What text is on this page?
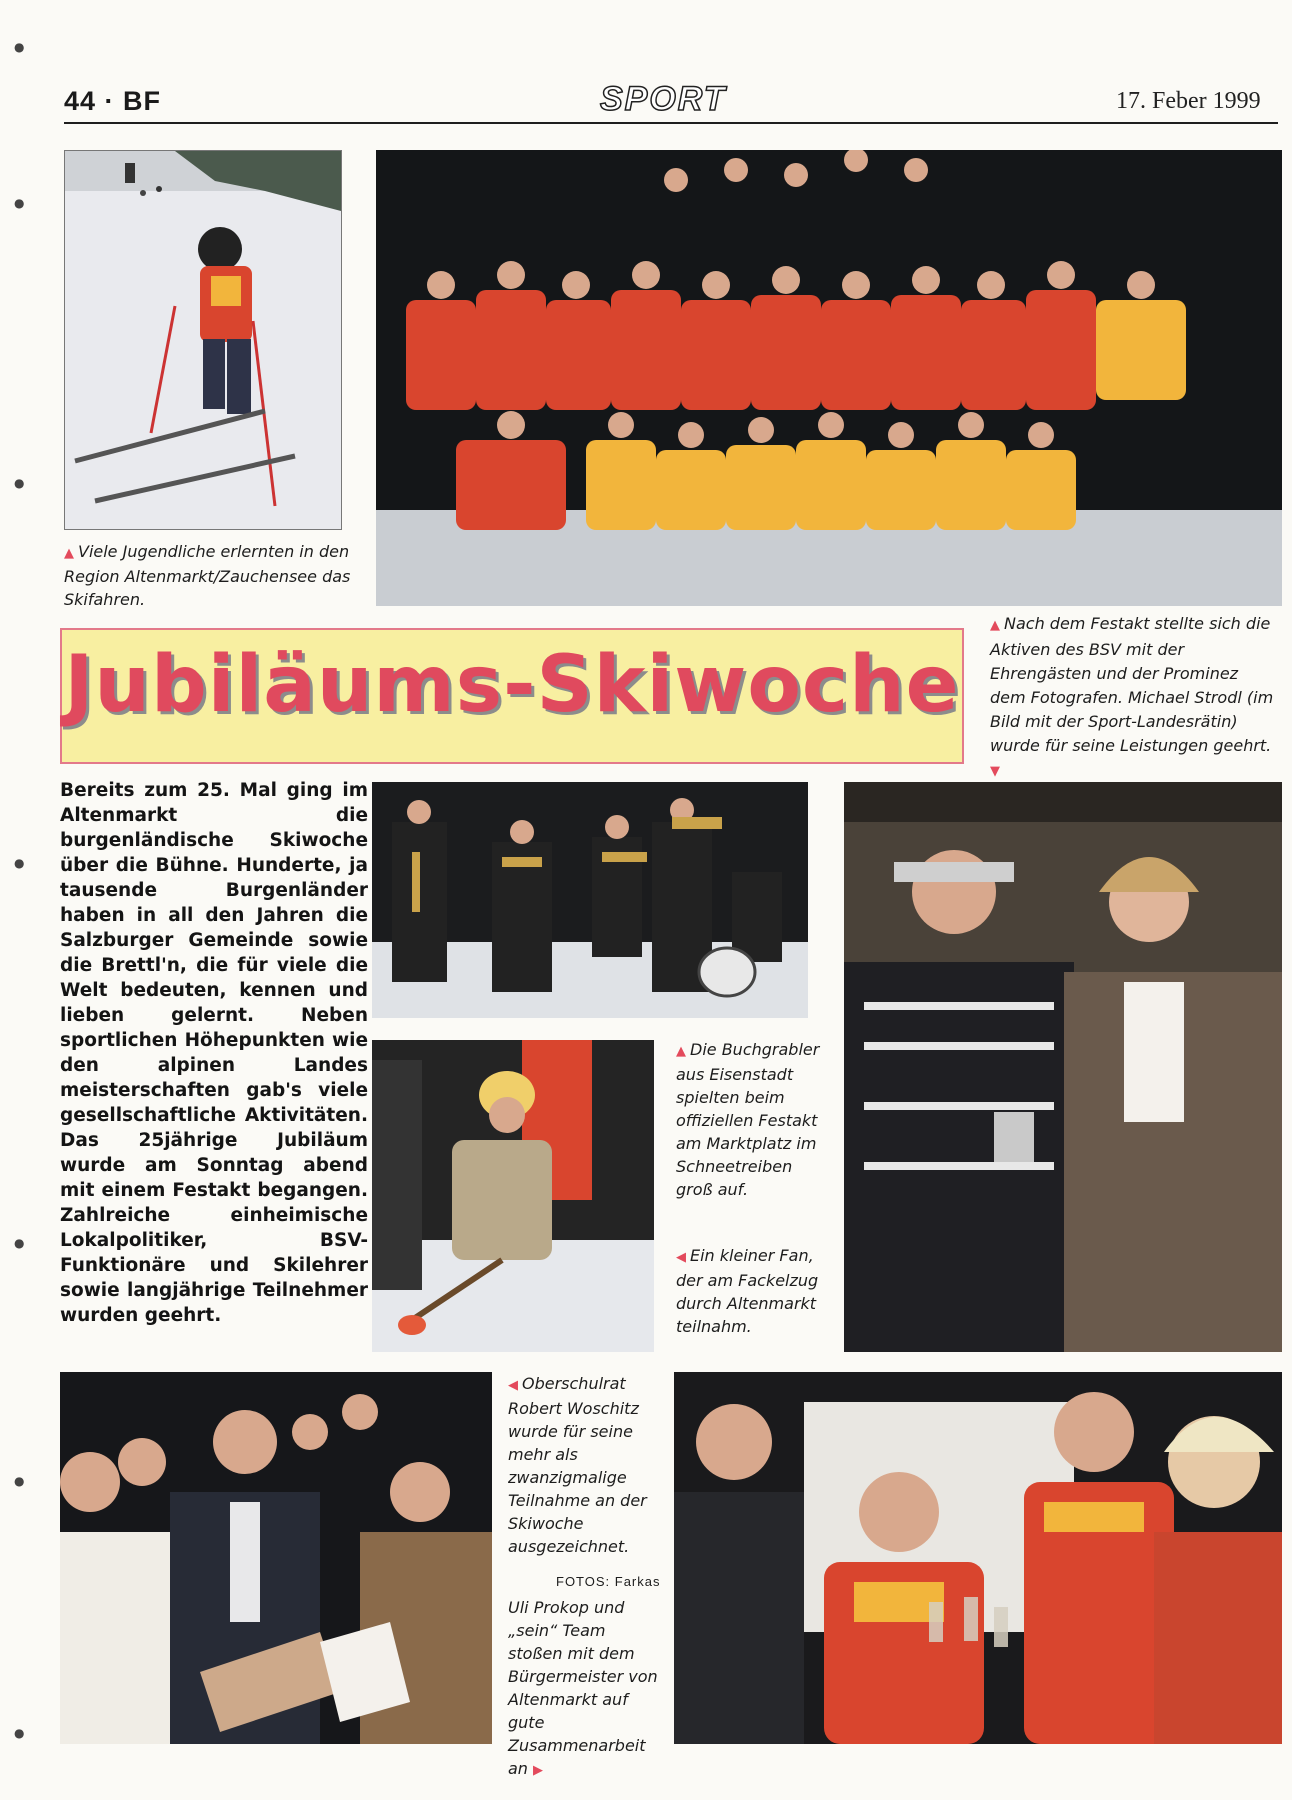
44 · BF	SPORT	17. Feber 1999
●
●
●
●
●
●
●
▲ Viele Jugendliche erlernten in den Region Altenmarkt/Zauchensee das Skifahren.
Jubiläums-Skiwoche
▲ Nach dem Festakt stellte sich die Aktiven des BSV mit der Ehrengästen und der Prominez dem Fotografen. Michael Strodl (im Bild mit der Sport-Landesrätin) wurde für seine Leistungen geehrt. ▼
Bereits zum 25. Mal ging im Altenmarkt die burgenländische Skiwoche über die Bühne. Hunderte, ja tausende Burgenländer haben in all den Jahren die Salzburger Gemeinde sowie die Brettl'n, die für viele die Welt bedeuten, kennen und lieben gelernt. Neben sportlichen Höhepunkten wie den alpinen Landes meisterschaften gab's viele gesellschaftliche Aktivitäten. Das 25jährige Jubiläum wurde am Sonntag abend mit einem Festakt begangen. Zahlreiche einheimische Lokalpolitiker, BSV-Funktionäre und Skilehrer sowie langjährige Teilnehmer wurden geehrt.
▲ Die Buchgrabler aus Eisenstadt spielten beim offiziellen Festakt am Marktplatz im Schneetreiben groß auf.
◀ Ein kleiner Fan, der am Fackelzug durch Altenmarkt teilnahm.
◀ Oberschulrat Robert Woschitz wurde für seine mehr als zwanzigmalige Teilnahme an der Skiwoche ausgezeichnet.
FOTOS: Farkas
Uli Prokop und „sein“ Team stoßen mit dem Bürgermeister von Altenmarkt auf gute Zusammenarbeit an ▶
